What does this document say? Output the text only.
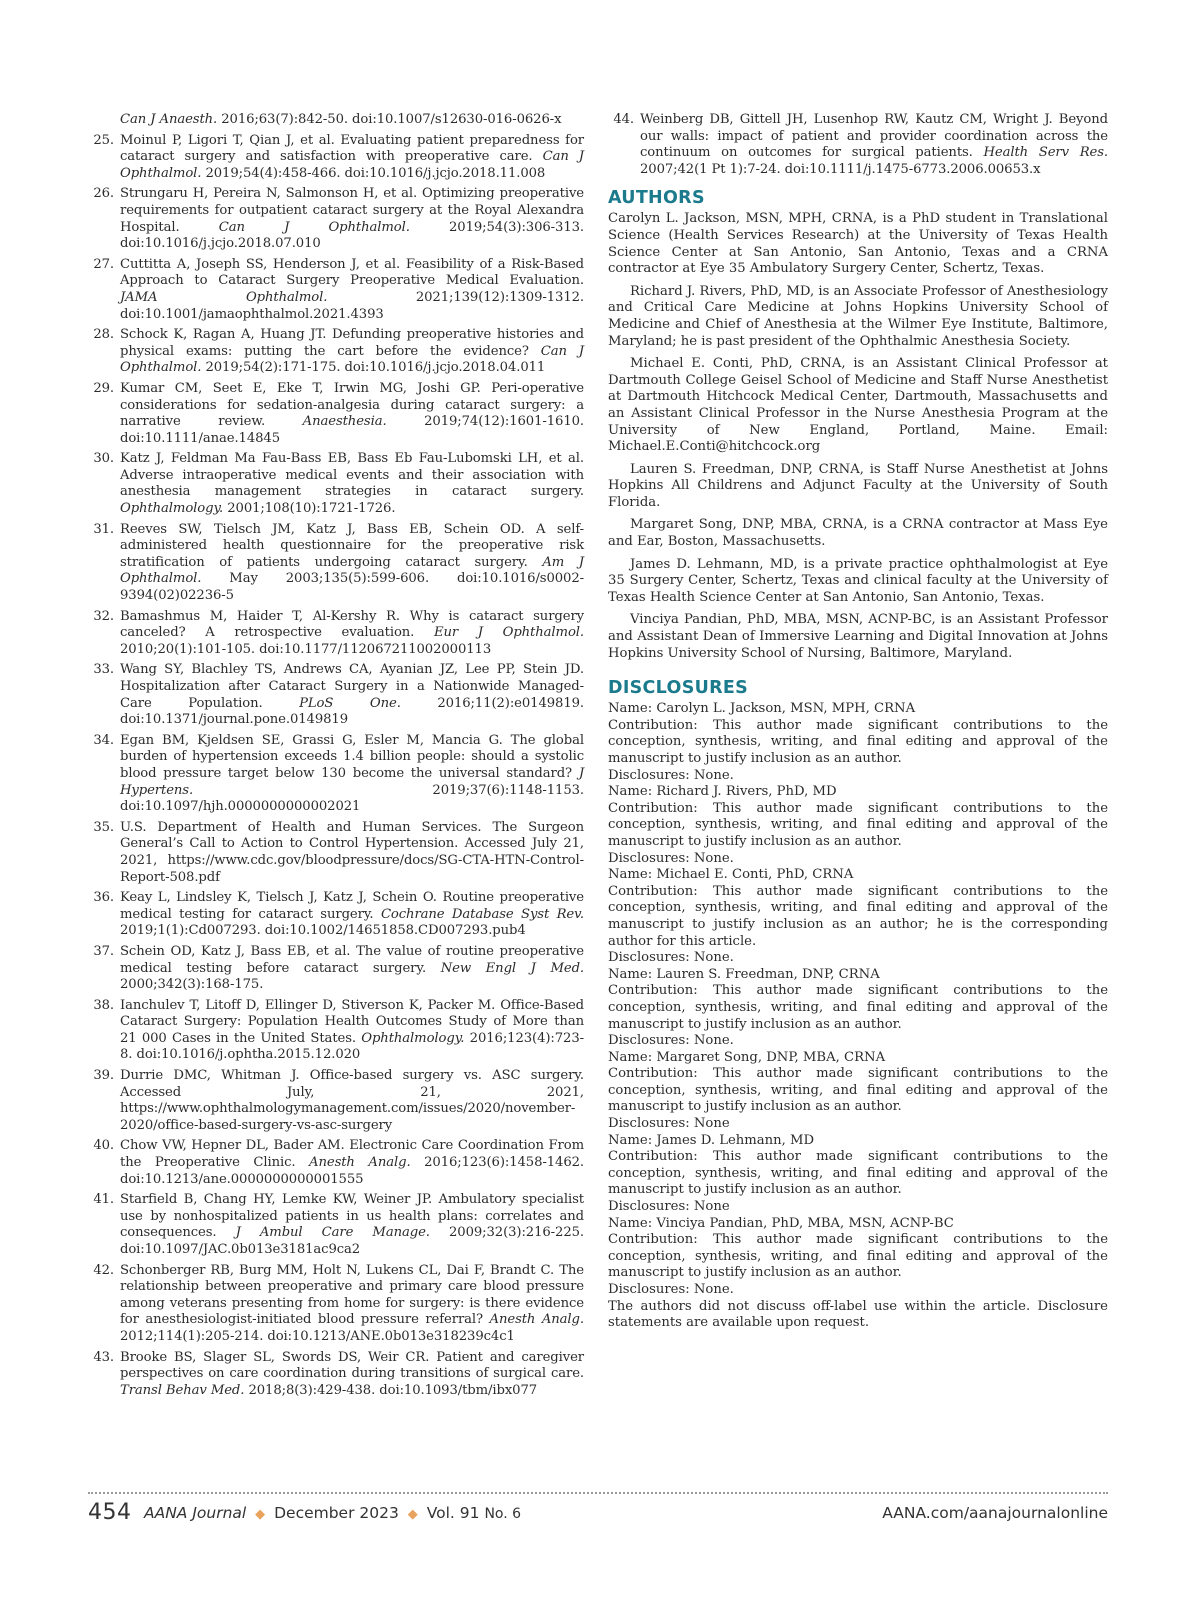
Can J Anaesth. 2016;63(7):842-50. doi:10.1007/s12630-016-0626-x
25. Moinul P, Ligori T, Qian J, et al. Evaluating patient preparedness for cataract surgery and satisfaction with preoperative care. Can J Ophthalmol. 2019;54(4):458-466. doi:10.1016/j.jcjo.2018.11.008
26. Strungaru H, Pereira N, Salmonson H, et al. Optimizing preoperative requirements for outpatient cataract surgery at the Royal Alexandra Hospital. Can J Ophthalmol. 2019;54(3):306-313. doi:10.1016/j.jcjo.2018.07.010
27. Cuttitta A, Joseph SS, Henderson J, et al. Feasibility of a Risk-Based Approach to Cataract Surgery Preoperative Medical Evaluation. JAMA Ophthalmol. 2021;139(12):1309-1312. doi:10.1001/jamaophthalmol.2021.4393
28. Schock K, Ragan A, Huang JT. Defunding preoperative histories and physical exams: putting the cart before the evidence? Can J Ophthalmol. 2019;54(2):171-175. doi:10.1016/j.jcjo.2018.04.011
29. Kumar CM, Seet E, Eke T, Irwin MG, Joshi GP. Peri-operative considerations for sedation-analgesia during cataract surgery: a narrative review. Anaesthesia. 2019;74(12):1601-1610. doi:10.1111/anae.14845
30. Katz J, Feldman Ma Fau-Bass EB, Bass Eb Fau-Lubomski LH, et al. Adverse intraoperative medical events and their association with anesthesia management strategies in cataract surgery. Ophthalmology. 2001;108(10):1721-1726.
31. Reeves SW, Tielsch JM, Katz J, Bass EB, Schein OD. A self-administered health questionnaire for the preoperative risk stratification of patients undergoing cataract surgery. Am J Ophthalmol. May 2003;135(5):599-606. doi:10.1016/s0002-9394(02)02236-5
32. Bamashmus M, Haider T, Al-Kershy R. Why is cataract surgery canceled? A retrospective evaluation. Eur J Ophthalmol. 2010;20(1):101-105. doi:10.1177/112067211002000113
33. Wang SY, Blachley TS, Andrews CA, Ayanian JZ, Lee PP, Stein JD. Hospitalization after Cataract Surgery in a Nationwide Managed-Care Population. PLoS One. 2016;11(2):e0149819. doi:10.1371/journal.pone.0149819
34. Egan BM, Kjeldsen SE, Grassi G, Esler M, Mancia G. The global burden of hypertension exceeds 1.4 billion people: should a systolic blood pressure target below 130 become the universal standard? J Hypertens. 2019;37(6):1148-1153. doi:10.1097/hjh.0000000000002021
35. U.S. Department of Health and Human Services. The Surgeon General’s Call to Action to Control Hypertension. Accessed July 21, 2021, https://www.cdc.gov/bloodpressure/docs/SG-CTA-HTN-Control-Report-508.pdf
36. Keay L, Lindsley K, Tielsch J, Katz J, Schein O. Routine preoperative medical testing for cataract surgery. Cochrane Database Syst Rev. 2019;1(1):Cd007293. doi:10.1002/14651858.CD007293.pub4
37. Schein OD, Katz J, Bass EB, et al. The value of routine preoperative medical testing before cataract surgery. New Engl J Med. 2000;342(3):168-175.
38. Ianchulev T, Litoff D, Ellinger D, Stiverson K, Packer M. Office-Based Cataract Surgery: Population Health Outcomes Study of More than 21 000 Cases in the United States. Ophthalmology. 2016;123(4):723-8. doi:10.1016/j.ophtha.2015.12.020
39. Durrie DMC, Whitman J. Office-based surgery vs. ASC surgery. Accessed July, 21, 2021, https://www.ophthalmologymanagement.com/issues/2020/november-2020/office-based-surgery-vs-asc-surgery
40. Chow VW, Hepner DL, Bader AM. Electronic Care Coordination From the Preoperative Clinic. Anesth Analg. 2016;123(6):1458-1462. doi:10.1213/ane.0000000000001555
41. Starfield B, Chang HY, Lemke KW, Weiner JP. Ambulatory specialist use by nonhospitalized patients in us health plans: correlates and consequences. J Ambul Care Manage. 2009;32(3):216-225. doi:10.1097/JAC.0b013e3181ac9ca2
42. Schonberger RB, Burg MM, Holt N, Lukens CL, Dai F, Brandt C. The relationship between preoperative and primary care blood pressure among veterans presenting from home for surgery: is there evidence for anesthesiologist-initiated blood pressure referral? Anesth Analg. 2012;114(1):205-214. doi:10.1213/ANE.0b013e318239c4c1
43. Brooke BS, Slager SL, Swords DS, Weir CR. Patient and caregiver perspectives on care coordination during transitions of surgical care. Transl Behav Med. 2018;8(3):429-438. doi:10.1093/tbm/ibx077
44. Weinberg DB, Gittell JH, Lusenhop RW, Kautz CM, Wright J. Beyond our walls: impact of patient and provider coordination across the continuum on outcomes for surgical patients. Health Serv Res. 2007;42(1 Pt 1):7-24. doi:10.1111/j.1475-6773.2006.00653.x
AUTHORS

Carolyn L. Jackson, MSN, MPH, CRNA, is a PhD student in Translational Science (Health Services Research) at the University of Texas Health Science Center at San Antonio, San Antonio, Texas and a CRNA contractor at Eye 35 Ambulatory Surgery Center, Schertz, Texas.

Richard J. Rivers, PhD, MD, is an Associate Professor of Anesthesiology and Critical Care Medicine at Johns Hopkins University School of Medicine and Chief of Anesthesia at the Wilmer Eye Institute, Baltimore, Maryland; he is past president of the Ophthalmic Anesthesia Society.

Michael E. Conti, PhD, CRNA, is an Assistant Clinical Professor at Dartmouth College Geisel School of Medicine and Staff Nurse Anesthetist at Dartmouth Hitchcock Medical Center, Dartmouth, Massachusetts and an Assistant Clinical Professor in the Nurse Anesthesia Program at the University of New England, Portland, Maine. Email: Michael.E.Conti@hitchcock.org

Lauren S. Freedman, DNP, CRNA, is Staff Nurse Anesthetist at Johns Hopkins All Childrens and Adjunct Faculty at the University of South Florida.

Margaret Song, DNP, MBA, CRNA, is a CRNA contractor at Mass Eye and Ear, Boston, Massachusetts.

James D. Lehmann, MD, is a private practice ophthalmologist at Eye 35 Surgery Center, Schertz, Texas and clinical faculty at the University of Texas Health Science Center at San Antonio, San Antonio, Texas.

Vinciya Pandian, PhD, MBA, MSN, ACNP-BC, is an Assistant Professor and Assistant Dean of Immersive Learning and Digital Innovation at Johns Hopkins University School of Nursing, Baltimore, Maryland.

DISCLOSURES
Name: Carolyn L. Jackson, MSN, MPH, CRNA
Contribution: This author made significant contributions to the conception, synthesis, writing, and final editing and approval of the manuscript to justify inclusion as an author.
Disclosures: None.
Name: Richard J. Rivers, PhD, MD
Contribution: This author made significant contributions to the conception, synthesis, writing, and final editing and approval of the manuscript to justify inclusion as an author.
Disclosures: None.
Name: Michael E. Conti, PhD, CRNA
Contribution: This author made significant contributions to the conception, synthesis, writing, and final editing and approval of the manuscript to justify inclusion as an author; he is the corresponding author for this article.
Disclosures: None.
Name: Lauren S. Freedman, DNP, CRNA
Contribution: This author made significant contributions to the conception, synthesis, writing, and final editing and approval of the manuscript to justify inclusion as an author.
Disclosures: None.
Name: Margaret Song, DNP, MBA, CRNA
Contribution: This author made significant contributions to the conception, synthesis, writing, and final editing and approval of the manuscript to justify inclusion as an author.
Disclosures: None
Name: James D. Lehmann, MD
Contribution: This author made significant contributions to the conception, synthesis, writing, and final editing and approval of the manuscript to justify inclusion as an author.
Disclosures: None
Name: Vinciya Pandian, PhD, MBA, MSN, ACNP-BC
Contribution: This author made significant contributions to the conception, synthesis, writing, and final editing and approval of the manuscript to justify inclusion as an author.
Disclosures: None.
The authors did not discuss off-label use within the article. Disclosure statements are available upon request.
454 AANA Journal ◆ December 2023 ◆ Vol. 91 No. 6	AANA.com/aanajournalonline
